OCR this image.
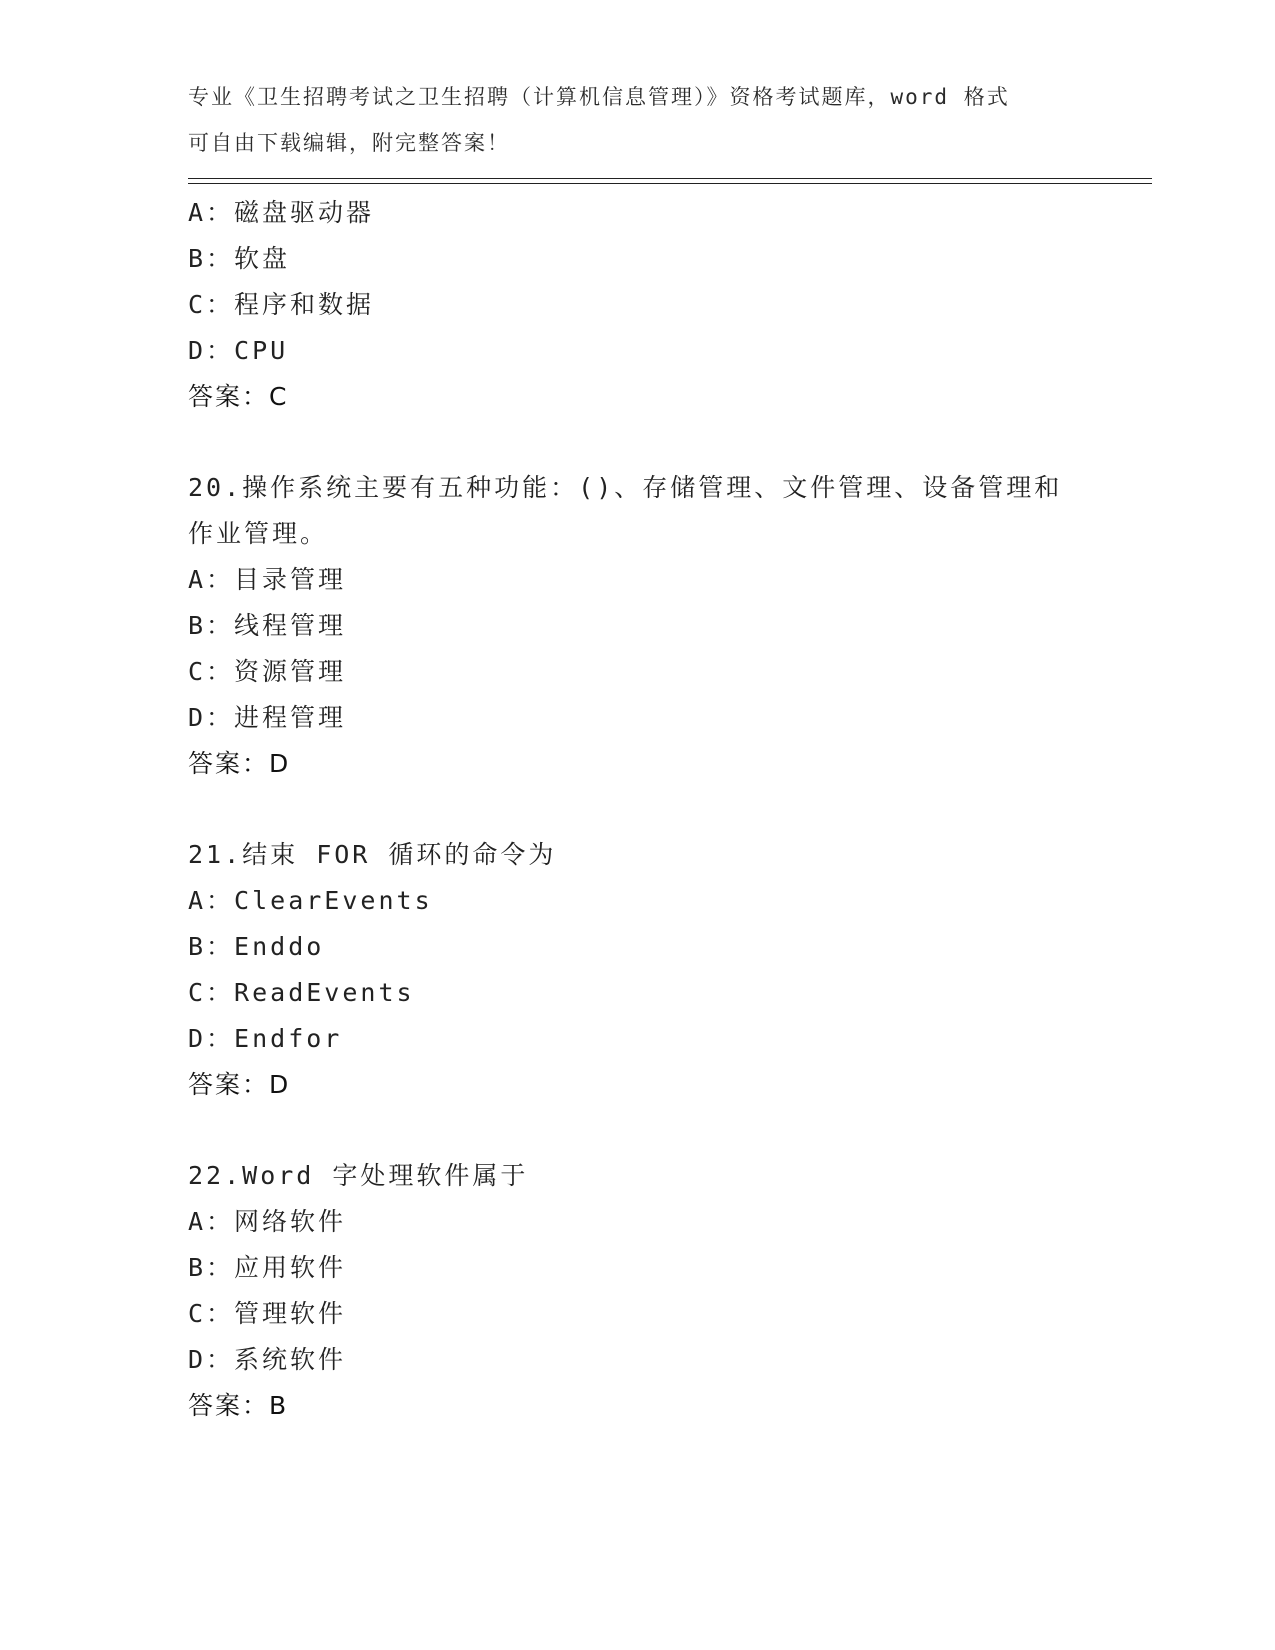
专业《卫生招聘考试之卫生招聘（计算机信息管理）》资格考试题库，word 格式
可自由下载编辑，附完整答案！
A：磁盘驱动器
B：软盘
C：程序和数据
D：CPU
答案：C
20.操作系统主要有五种功能：()、存储管理、文件管理、设备管理和
作业管理。
A：目录管理
B：线程管理
C：资源管理
D：进程管理
答案：D
21.结束 FOR 循环的命令为
A：ClearEvents
B：Enddo
C：ReadEvents
D：Endfor
答案：D
22.Word 字处理软件属于
A：网络软件
B：应用软件
C：管理软件
D：系统软件
答案：B
